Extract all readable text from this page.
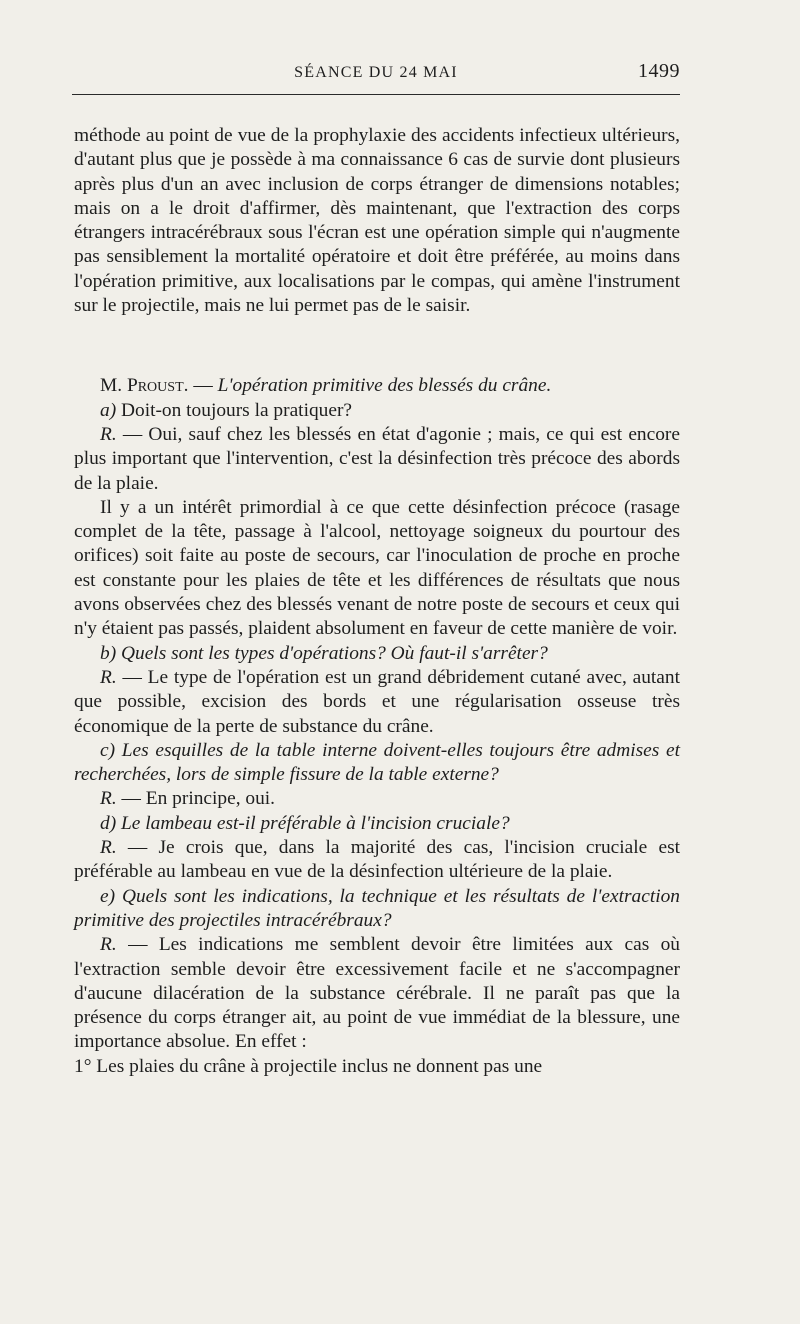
SÉANCE DU 24 MAI	1499

méthode au point de vue de la prophylaxie des accidents infectieux ultérieurs, d'autant plus que je possède à ma connaissance 6 cas de survie dont plusieurs après plus d'un an avec inclusion de corps étranger de dimensions notables; mais on a le droit d'affirmer, dès maintenant, que l'extraction des corps étrangers intracérébraux sous l'écran est une opération simple qui n'augmente pas sensiblement la mortalité opératoire et doit être préférée, au moins dans l'opération primitive, aux localisations par le compas, qui amène l'instrument sur le projectile, mais ne lui permet pas de le saisir.

M. Proust. — L'opération primitive des blessés du crâne.

a) Doit-on toujours la pratiquer?

R. — Oui, sauf chez les blessés en état d'agonie ; mais, ce qui est encore plus important que l'intervention, c'est la désinfection très précoce des abords de la plaie.

Il y a un intérêt primordial à ce que cette désinfection précoce (rasage complet de la tête, passage à l'alcool, nettoyage soigneux du pourtour des orifices) soit faite au poste de secours, car l'inoculation de proche en proche est constante pour les plaies de tête et les différences de résultats que nous avons observées chez des blessés venant de notre poste de secours et ceux qui n'y étaient pas passés, plaident absolument en faveur de cette manière de voir.

b) Quels sont les types d'opérations? Où faut-il s'arrêter?

R. — Le type de l'opération est un grand débridement cutané avec, autant que possible, excision des bords et une régularisation osseuse très économique de la perte de substance du crâne.

c) Les esquilles de la table interne doivent-elles toujours être admises et recherchées, lors de simple fissure de la table externe?

R. — En principe, oui.

d) Le lambeau est-il préférable à l'incision cruciale?

R. — Je crois que, dans la majorité des cas, l'incision cruciale est préférable au lambeau en vue de la désinfection ultérieure de la plaie.

e) Quels sont les indications, la technique et les résultats de l'extraction primitive des projectiles intracérébraux?

R. — Les indications me semblent devoir être limitées aux cas où l'extraction semble devoir être excessivement facile et ne s'accompagner d'aucune dilacération de la substance cérébrale. Il ne paraît pas que la présence du corps étranger ait, au point de vue immédiat de la blessure, une importance absolue. En effet :

1° Les plaies du crâne à projectile inclus ne donnent pas une
